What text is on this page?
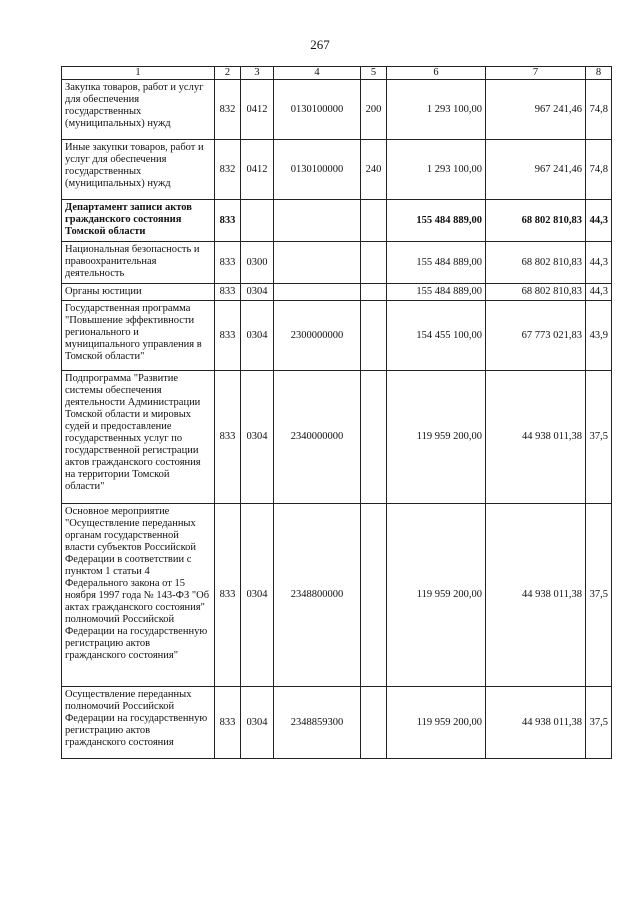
267
1	2	3	4	5	6	7	8
Закупка товаров, работ и услуг для обеспечения государственных (муниципальных) нужд	832	0412	0130100000	200	1 293 100,00	967 241,46	74,8
Иные закупки товаров, работ и услуг для обеспечения государственных (муниципальных) нужд	832	0412	0130100000	240	1 293 100,00	967 241,46	74,8
Департамент записи актов гражданского состояния Томской области	833				155 484 889,00	68 802 810,83	44,3
Национальная безопасность и правоохранительная деятельность	833	0300			155 484 889,00	68 802 810,83	44,3
Органы юстиции	833	0304			155 484 889,00	68 802 810,83	44,3
Государственная программа "Повышение эффективности регионального и муниципального управления в Томской области"	833	0304	2300000000		154 455 100,00	67 773 021,83	43,9
Подпрограмма "Развитие системы обеспечения деятельности Администрации Томской области и мировых судей и предоставление государственных услуг по государственной регистрации актов гражданского состояния на территории Томской области"	833	0304	2340000000		119 959 200,00	44 938 011,38	37,5
Основное мероприятие "Осуществление переданных органам государственной власти субъектов Российской Федерации в соответствии с пунктом 1 статьи 4 Федерального закона от 15 ноября 1997 года № 143-ФЗ "Об актах гражданского состояния" полномочий Российской Федерации на государственную регистрацию актов гражданского состояния"	833	0304	2348800000		119 959 200,00	44 938 011,38	37,5
Осуществление переданных полномочий Российской Федерации на государственную регистрацию актов гражданского состояния	833	0304	2348859300		119 959 200,00	44 938 011,38	37,5
